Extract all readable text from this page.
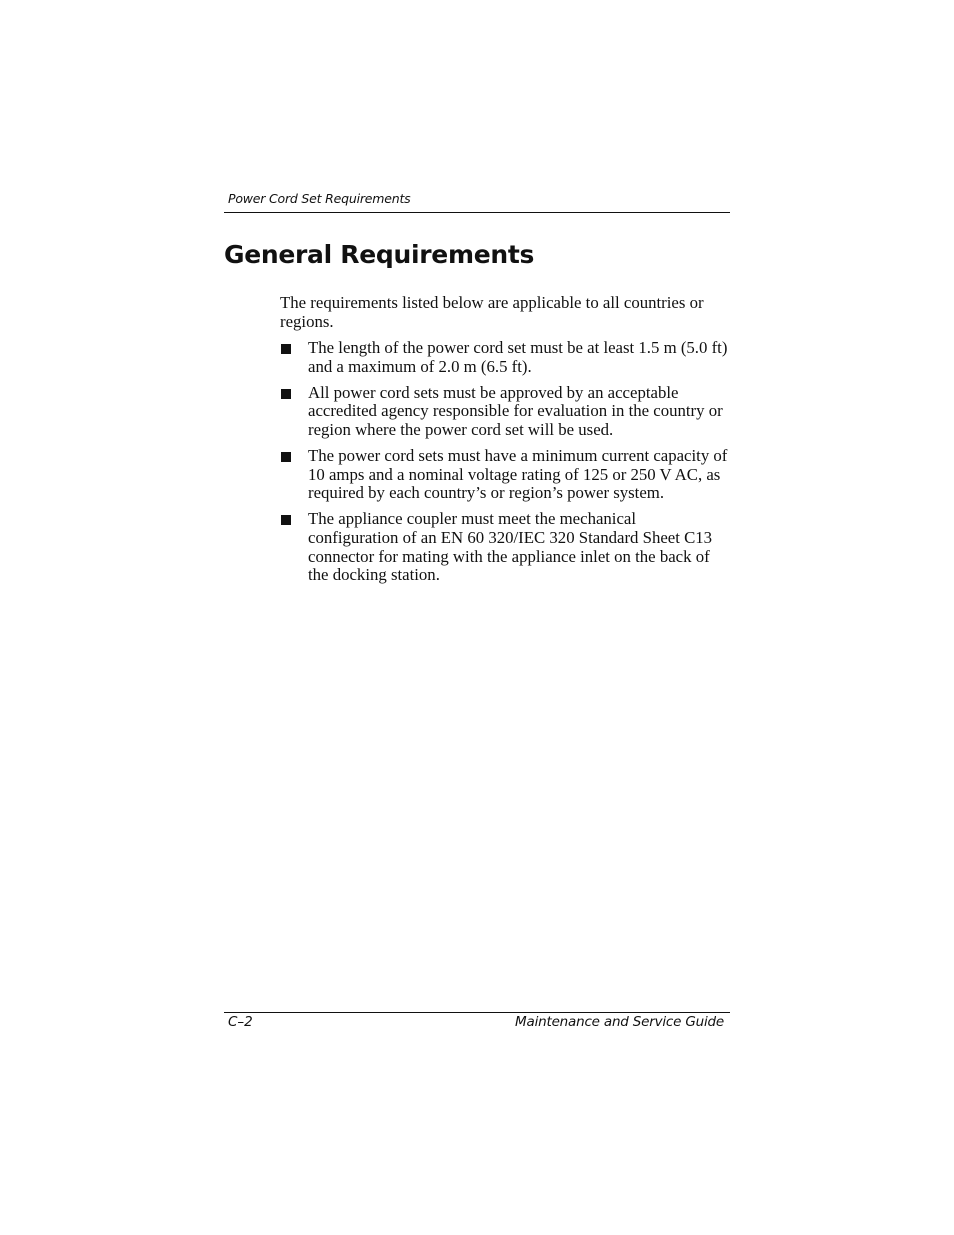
Power Cord Set Requirements
General Requirements

The requirements listed below are applicable to all countries or regions.

The length of the power cord set must be at least 1.5 m (5.0 ft) and a maximum of 2.0 m (6.5 ft).
All power cord sets must be approved by an acceptable accredited agency responsible for evaluation in the country or region where the power cord set will be used.
The power cord sets must have a minimum current capacity of 10 amps and a nominal voltage rating of 125 or 250 V AC, as required by each country’s or region’s power system.
The appliance coupler must meet the mechanical configuration of an EN 60 320/IEC 320 Standard Sheet C13 connector for mating with the appliance inlet on the back of the docking station.
C–2	Maintenance and Service Guide
